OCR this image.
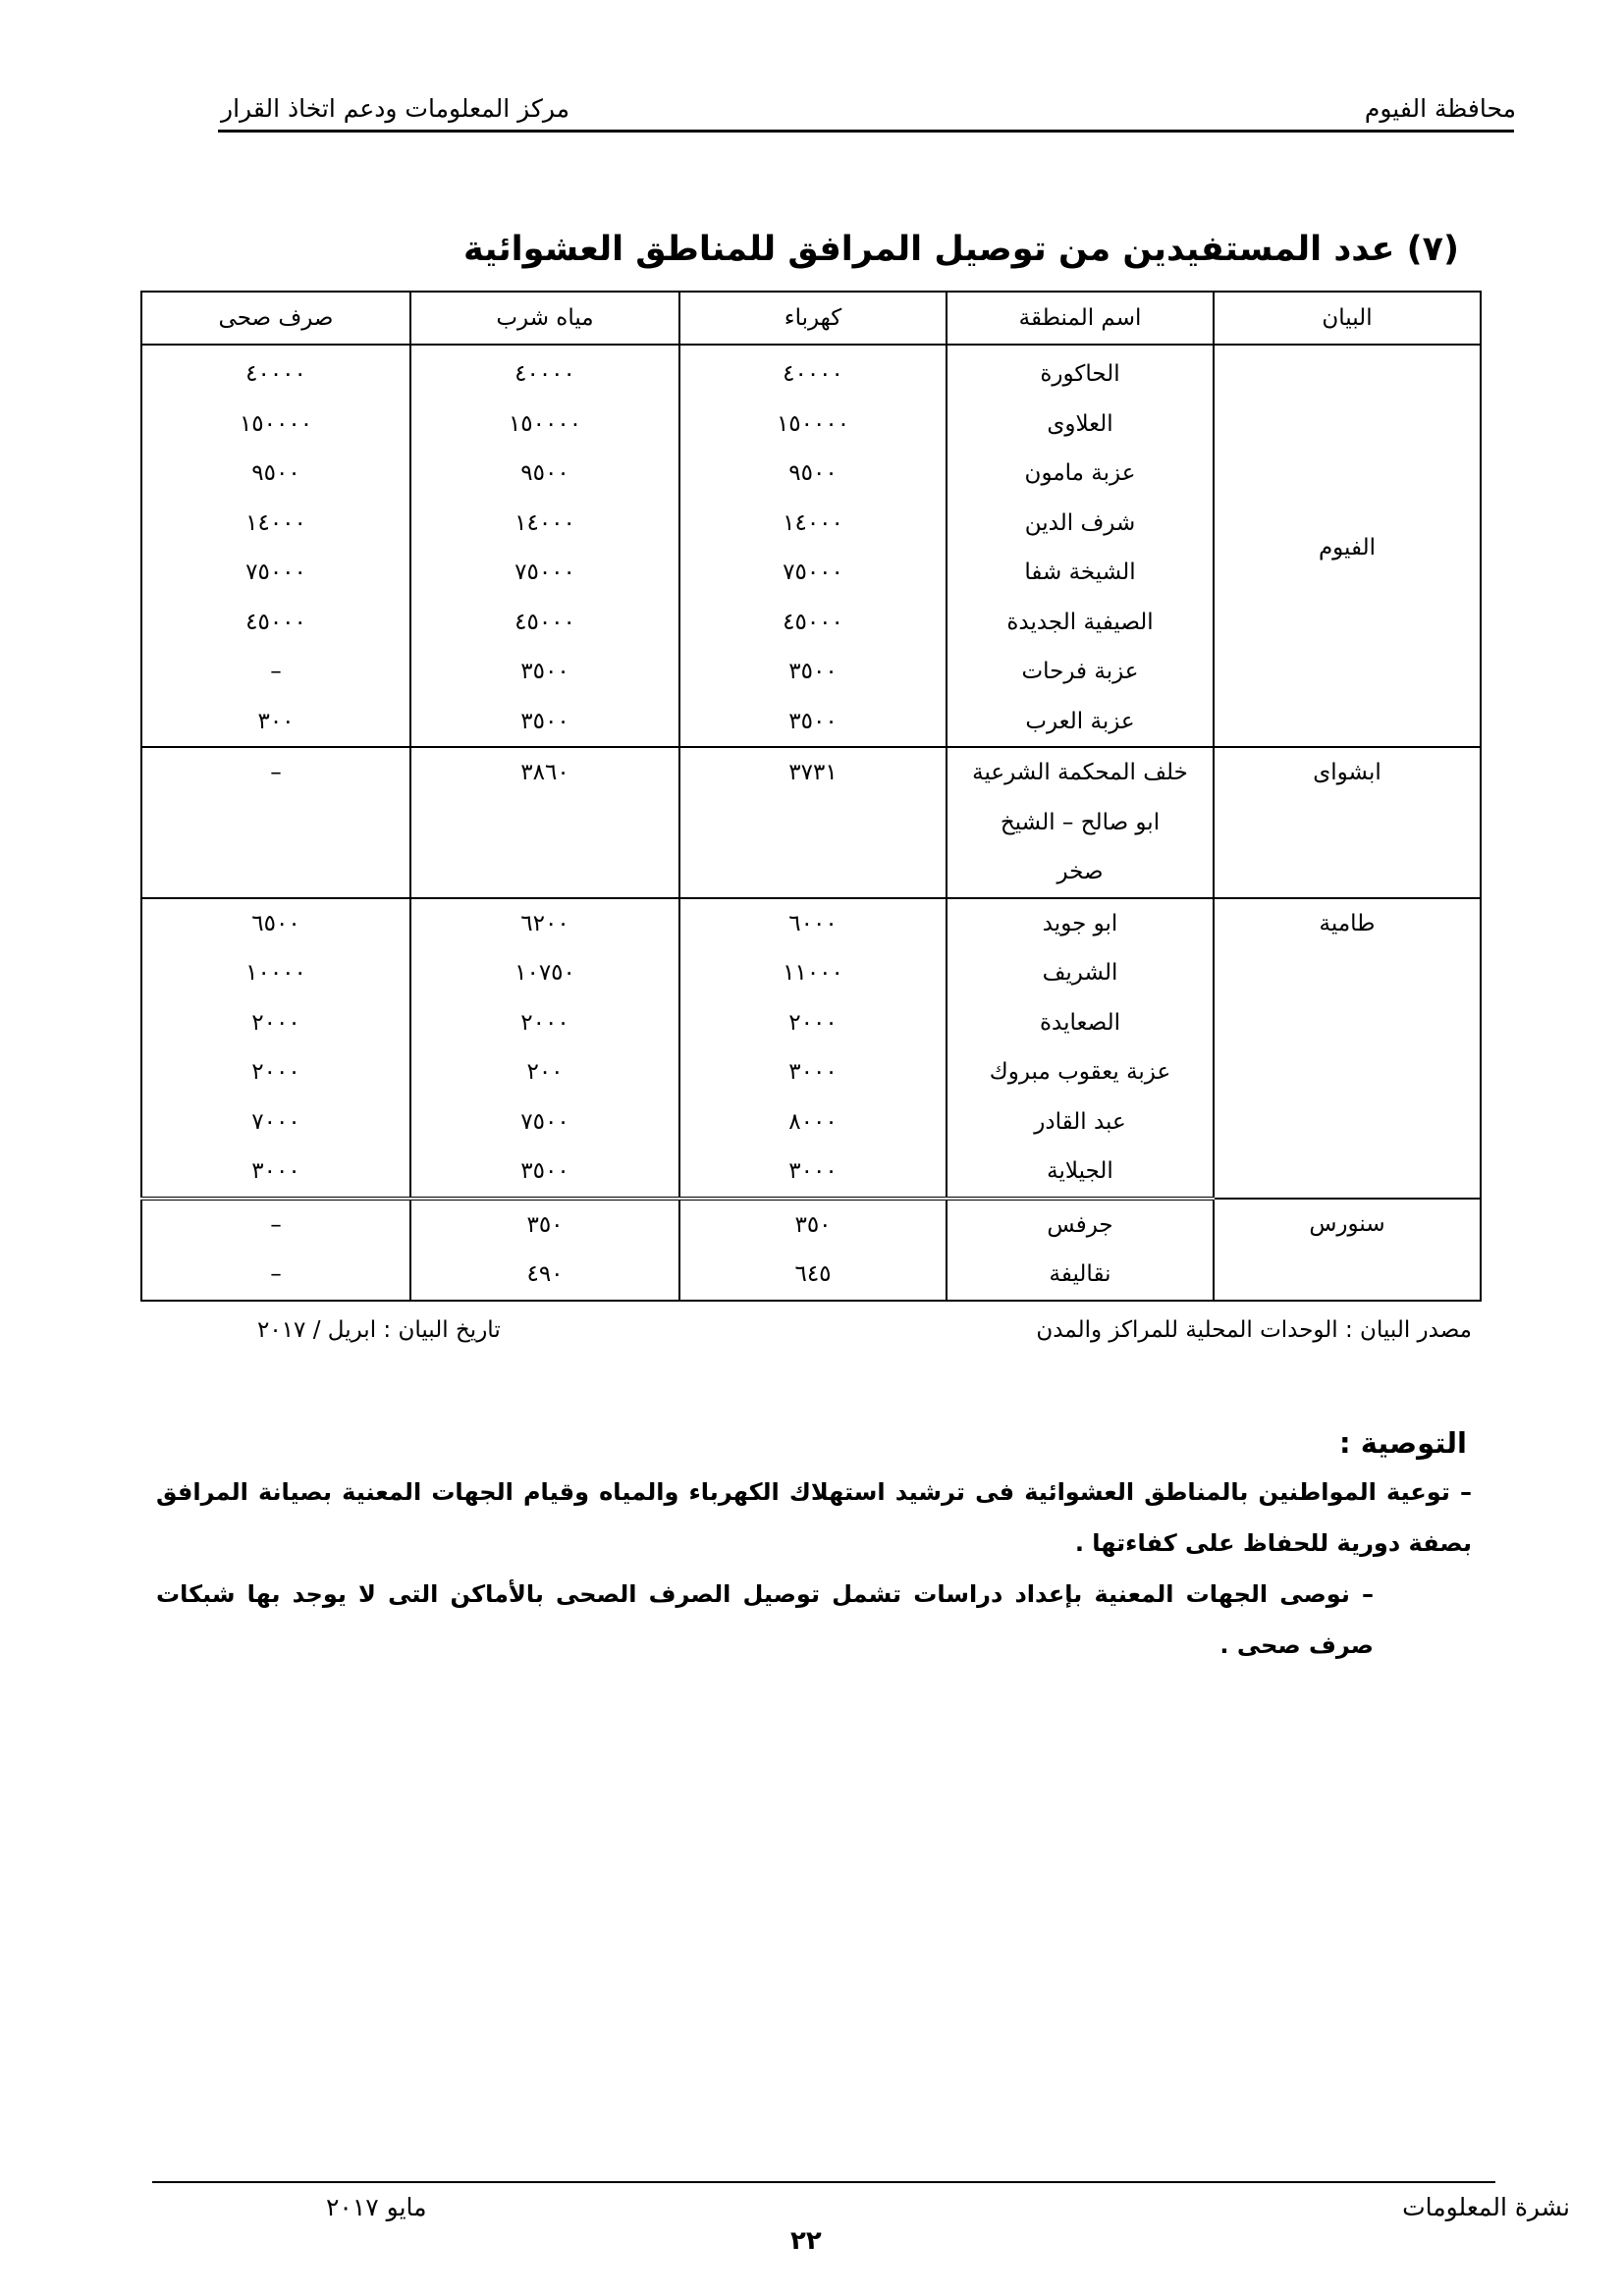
محافظة الفيوم
مركز المعلومات ودعم اتخاذ القرار
(٧) عدد المستفيدين من توصيل المرافق للمناطق العشوائية
البيان	اسم المنطقة	كهرباء	مياه شرب	صرف صحى
الفيوم	الحاكورة	٤٠٠٠٠	٤٠٠٠٠	٤٠٠٠٠
	العلاوى	١٥٠٠٠٠	١٥٠٠٠٠	١٥٠٠٠٠
	عزبة مامون	٩٥٠٠	٩٥٠٠	٩٥٠٠
	شرف الدين	١٤٠٠٠	١٤٠٠٠	١٤٠٠٠
	الشيخة شفا	٧٥٠٠٠	٧٥٠٠٠	٧٥٠٠٠
	الصيفية الجديدة	٤٥٠٠٠	٤٥٠٠٠	٤٥٠٠٠
	عزبة فرحات	٣٥٠٠	٣٥٠٠	–
	عزبة العرب	٣٥٠٠	٣٥٠٠	٣٠٠
ابشواى	خلف المحكمة الشرعية	٣٧٣١	٣٨٦٠	–
	ابو صالح – الشيخ			
	صخر			
طامية	ابو جويد	٦٠٠٠	٦٢٠٠	٦٥٠٠
	الشريف	١١٠٠٠	١٠٧٥٠	١٠٠٠٠
	الصعايدة	٢٠٠٠	٢٠٠٠	٢٠٠٠
	عزبة يعقوب مبروك	٣٠٠٠	٢٠٠	٢٠٠٠
	عبد القادر	٨٠٠٠	٧٥٠٠	٧٠٠٠
	الجيلاية	٣٠٠٠	٣٥٠٠	٣٠٠٠
سنورس	جرفس	٣٥٠	٣٥٠	–
	نقاليفة	٦٤٥	٤٩٠	–
مصدر البيان : الوحدات المحلية للمراكز والمدن
تاريخ البيان : ابريل / ٢٠١٧
التوصية :
– توعية المواطنين بالمناطق العشوائية فى ترشيد استهلاك الكهرباء والمياه وقيام الجهات المعنية بصيانة المرافق بصفة دورية للحفاظ على كفاءتها .
– نوصى الجهات المعنية بإعداد دراسات تشمل توصيل الصرف الصحى بالأماكن التى لا يوجد بها شبكات صرف صحى .
نشرة المعلومات
مايو ٢٠١٧
٢٢
